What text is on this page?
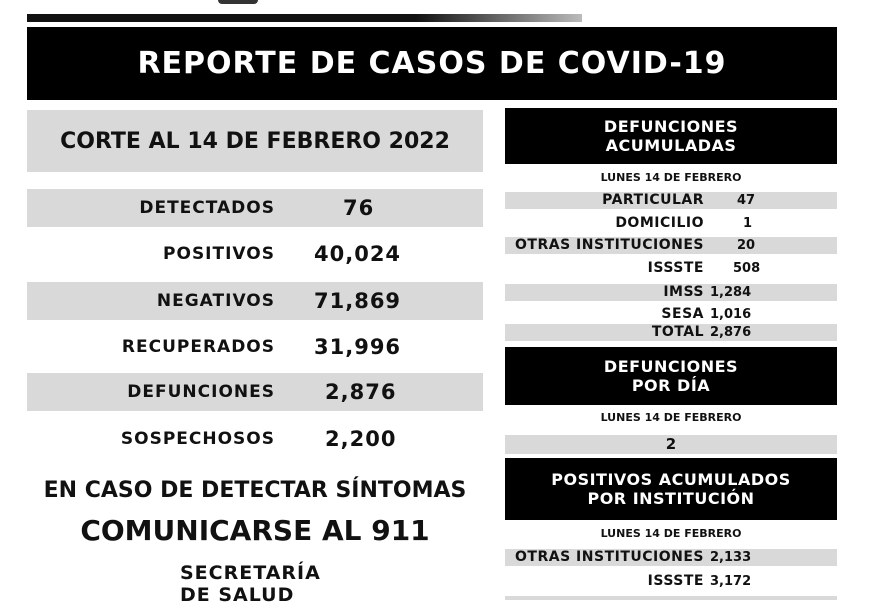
REPORTE DE CASOS DE COVID-19
CORTE AL 14 DE FEBRERO 2022
DETECTADOS	76
POSITIVOS 40,024
NEGATIVOS 71,869
RECUPERADOS 31,996
DEFUNCIONES 2,876
SOSPECHOSOS 2,200
EN CASO DE DETECTAR SÍNTOMAS
COMUNICARSE AL 911
SECRETARÍA
DE SALUD
DEFUNCIONES
ACUMULADAS
LUNES 14 DE FEBRERO
PARTICULAR	47
DOMICILIO	1
OTRAS INSTITUCIONES	20
ISSSTE 508
IMSS 1,284
SESA 1,016
TOTAL 2,876
DEFUNCIONES
POR DÍA
LUNES 14 DE FEBRERO
2
POSITIVOS ACUMULADOS
POR INSTITUCIÓN
LUNES 14 DE FEBRERO
OTRAS INSTITUCIONES 2,133
ISSSTE 3,172
